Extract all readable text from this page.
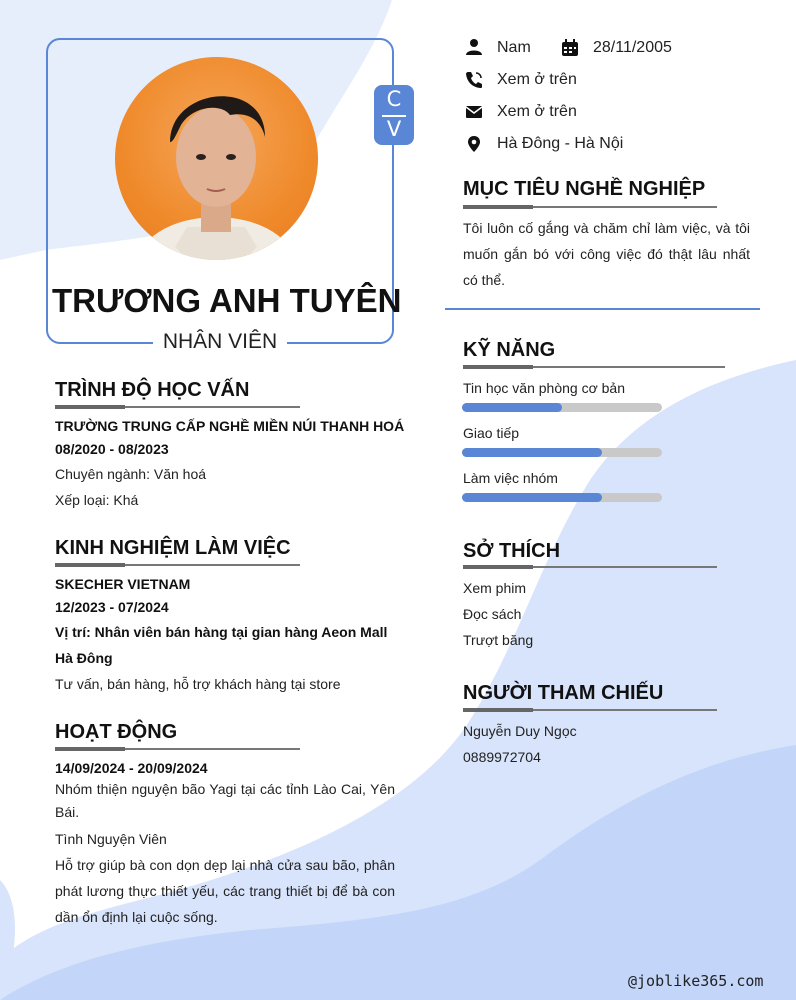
C
V
TRƯƠNG ANH TUYÊN
NHÂN VIÊN
Nam	28/11/2005
Xem ở trên
Xem ở trên
Hà Đông - Hà Nội
MỤC TIÊU NGHỀ NGHIỆP
Tôi luôn cố gắng và chăm chỉ làm việc, và tôi muốn gắn bó với công việc đó thật lâu nhất có thể.
KỸ NĂNG
Tin học văn phòng cơ bản
Giao tiếp
Làm việc nhóm
SỞ THÍCH
Xem phim
Đọc sách
Trượt băng
NGƯỜI THAM CHIẾU
Nguyễn Duy Ngọc
0889972704
TRÌNH ĐỘ HỌC VẤN
TRƯỜNG TRUNG CẤP NGHỀ MIỀN NÚI THANH HOÁ
08/2020 - 08/2023
Chuyên ngành: Văn hoá
Xếp loại: Khá
KINH NGHIỆM LÀM VIỆC
SKECHER VIETNAM
12/2023 - 07/2024
Vị trí: Nhân viên bán hàng tại gian hàng Aeon Mall Hà Đông
Tư vấn, bán hàng, hỗ trợ khách hàng tại store
HOẠT ĐỘNG
14/09/2024 - 20/09/2024
Nhóm thiện nguyện bão Yagi tại các tỉnh Lào Cai, Yên Bái.
Tình Nguyện Viên
Hỗ trợ giúp bà con dọn dẹp lại nhà cửa sau bão, phân phát lương thực thiết yếu, các trang thiết bị để bà con dần ổn định lại cuộc sống.
@joblike365.com
